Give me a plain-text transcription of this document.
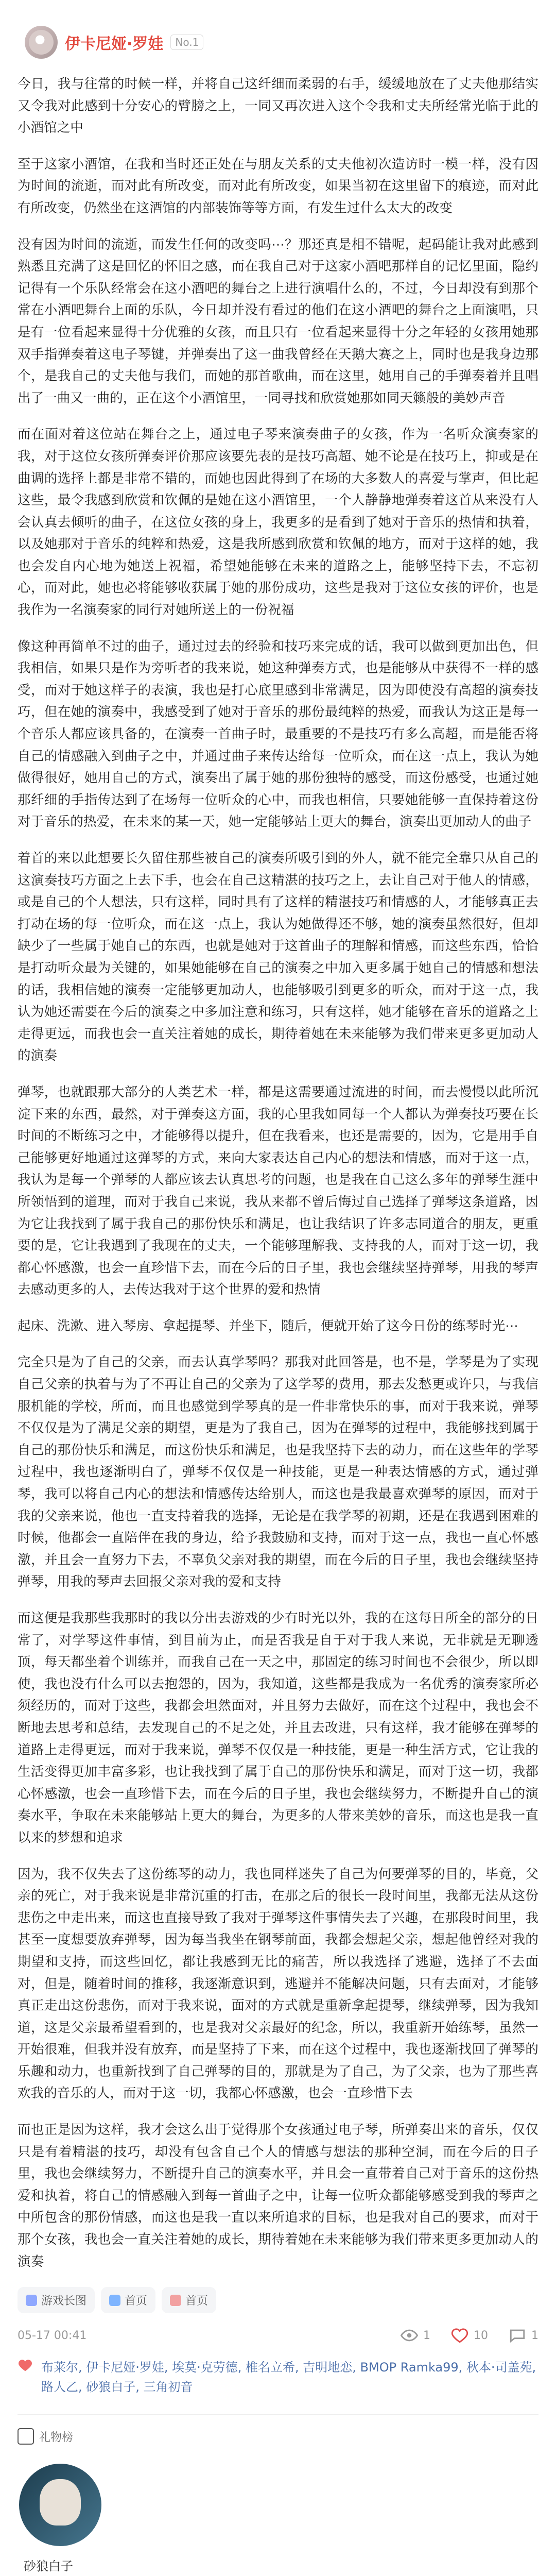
伊卡尼娅·罗娃	No.1

今日，我与往常的时候一样，并将自己这纤细而柔弱的右手，缓缓地放在了丈夫他那结实又令我对此感到十分安心的臂膀之上，一同又再次进入这个令我和丈夫所经常光临于此的小酒馆之中

至于这家小酒馆，在我和当时还正处在与朋友关系的丈夫他初次造访时一模一样，没有因为时间的流逝，而对此有所改变，而对此有所改变，如果当初在这里留下的痕迹，而对此有所改变，仍然坐在这酒馆的内部装饰等等方面，有发生过什么太大的改变

没有因为时间的流逝，而发生任何的改变吗⋯？那还真是相不错呢，起码能让我对此感到熟悉且充满了这是回忆的怀旧之感，而在我自己对于这家小酒吧那样自的记忆里面，隐约记得有一个乐队经常会在这小酒吧的舞台之上进行演唱什么的，不过，今日却没有到那个常在小酒吧舞台上面的乐队，今日却并没有看过的他们在这小酒吧的舞台之上面演唱，只是有一位看起来显得十分优雅的女孩，而且只有一位看起来显得十分之年轻的女孩用她那双手指弹奏着这电子琴键，并弹奏出了这一曲我曾经在天鹅大赛之上，同时也是我身边那个，是我自己的丈夫他与我们，而她的那首歌曲，而在这里，她用自己的手弹奏着并且唱出了一曲又一曲的，正在这个小酒馆里，一同寻找和欣赏她那如同天籁般的美妙声音

而在面对着这位站在舞台之上，通过电子琴来演奏曲子的女孩，作为一名听众演奏家的我，对于这位女孩所弹奏评价那应该要先表的是技巧高超、她不论是在技巧上，抑或是在曲调的选择上都是非常不错的，而她也因此得到了在场的大多数人的喜爱与掌声，但比起这些，最令我感到欣赏和钦佩的是她在这小酒馆里，一个人静静地弹奏着这首从来没有人会认真去倾听的曲子，在这位女孩的身上，我更多的是看到了她对于音乐的热情和执着，以及她那对于音乐的纯粹和热爱，这是我所感到欣赏和钦佩的地方，而对于这样的她，我也会发自内心地为她送上祝福，希望她能够在未来的道路之上，能够坚持下去，不忘初心，而对此，她也必将能够收获属于她的那份成功，这些是我对于这位女孩的评价，也是我作为一名演奏家的同行对她所送上的一份祝福

像这种再简单不过的曲子，通过过去的经验和技巧来完成的话，我可以做到更加出色，但我相信，如果只是作为旁听者的我来说，她这种弹奏方式，也是能够从中获得不一样的感受，而对于她这样子的表演，我也是打心底里感到非常满足，因为即使没有高超的演奏技巧，但在她的演奏中，我感受到了她对于音乐的那份最纯粹的热爱，而我认为这正是每一个音乐人都应该具备的，在演奏一首曲子时，最重要的不是技巧有多么高超，而是能否将自己的情感融入到曲子之中，并通过曲子来传达给每一位听众，而在这一点上，我认为她做得很好，她用自己的方式，演奏出了属于她的那份独特的感受，而这份感受，也通过她那纤细的手指传达到了在场每一位听众的心中，而我也相信，只要她能够一直保持着这份对于音乐的热爱，在未来的某一天，她一定能够站上更大的舞台，演奏出更加动人的曲子

着首的来以此想要长久留住那些被自己的演奏所吸引到的外人，就不能完全靠只从自己的这演奏技巧方面之上去下手，也会在自己这精湛的技巧之上，去让自己对于他人的情感，或是自己的个人想法，只有这样，同时具有了这样的精湛技巧和情感的人，才能够真正去打动在场的每一位听众，而在这一点上，我认为她做得还不够，她的演奏虽然很好，但却缺少了一些属于她自己的东西，也就是她对于这首曲子的理解和情感，而这些东西，恰恰是打动听众最为关键的，如果她能够在自己的演奏之中加入更多属于她自己的情感和想法的话，我相信她的演奏一定能够更加动人，也能够吸引到更多的听众，而对于这一点，我认为她还需要在今后的演奏之中多加注意和练习，只有这样，她才能够在音乐的道路之上走得更远，而我也会一直关注着她的成长，期待着她在未来能够为我们带来更多更加动人的演奏

弹琴，也就跟那大部分的人类艺术一样，都是这需要通过流进的时间，而去慢慢以此所沉淀下来的东西，最然，对于弹奏这方面，我的心里我如同每一个人都认为弹奏技巧要在长时间的不断练习之中，才能够得以提升，但在我看来，也还是需要的，因为，它是用手自己能够更好地通过这弹琴的方式，来向大家表达自己内心的想法和情感，而对于这一点，我认为是每一个弹琴的人都应该去认真思考的问题，也是我在自己这么多年的弹琴生涯中所领悟到的道理，而对于我自己来说，我从来都不曾后悔过自己选择了弹琴这条道路，因为它让我找到了属于我自己的那份快乐和满足，也让我结识了许多志同道合的朋友，更重要的是，它让我遇到了我现在的丈夫，一个能够理解我、支持我的人，而对于这一切，我都心怀感激，也会一直珍惜下去，而在今后的日子里，我也会继续坚持弹琴，用我的琴声去感动更多的人，去传达我对于这个世界的爱和热情

起床、洗漱、进入琴房、拿起提琴、并坐下，随后，便就开始了这今日份的练琴时光⋯

完全只是为了自己的父亲，而去认真学琴吗？那我对此回答是，也不是，学琴是为了实现自己父亲的执着与为了不再让自己的父亲为了这学琴的费用，那去发愁更或许只，与我信服机能的学校，所而，而且也感觉到学琴真的是一件非常快乐的事，而对于我来说，弹琴不仅仅是为了满足父亲的期望，更是为了我自己，因为在弹琴的过程中，我能够找到属于自己的那份快乐和满足，而这份快乐和满足，也是我坚持下去的动力，而在这些年的学琴过程中，我也逐渐明白了，弹琴不仅仅是一种技能，更是一种表达情感的方式，通过弹琴，我可以将自己内心的想法和情感传达给别人，而这也是我最喜欢弹琴的原因，而对于我的父亲来说，他也一直支持着我的选择，无论是在我学琴的初期，还是在我遇到困难的时候，他都会一直陪伴在我的身边，给予我鼓励和支持，而对于这一点，我也一直心怀感激，并且会一直努力下去，不辜负父亲对我的期望，而在今后的日子里，我也会继续坚持弹琴，用我的琴声去回报父亲对我的爱和支持

而这便是我那些我那时的我以分出去游戏的少有时光以外，我的在这每日所全的部分的日常了，对学琴这件事情，到目前为止，而是否我是自于对于我人来说，无非就是无聊透顶，每天都坐着个训练并，而我自己在一天之中，那固定的练习时间也不会很少，所以即使，我也没有什么可以去抱怨的，因为，我知道，这些都是我成为一名优秀的演奏家所必须经历的，而对于这些，我都会坦然面对，并且努力去做好，而在这个过程中，我也会不断地去思考和总结，去发现自己的不足之处，并且去改进，只有这样，我才能够在弹琴的道路上走得更远，而对于我来说，弹琴不仅仅是一种技能，更是一种生活方式，它让我的生活变得更加丰富多彩，也让我找到了属于自己的那份快乐和满足，而对于这一切，我都心怀感激，也会一直珍惜下去，而在今后的日子里，我也会继续努力，不断提升自己的演奏水平，争取在未来能够站上更大的舞台，为更多的人带来美妙的音乐，而这也是我一直以来的梦想和追求

因为，我不仅失去了这份练琴的动力，我也同样迷失了自己为何要弹琴的目的，毕竟，父亲的死亡，对于我来说是非常沉重的打击，在那之后的很长一段时间里，我都无法从这份悲伤之中走出来，而这也直接导致了我对于弹琴这件事情失去了兴趣，在那段时间里，我甚至一度想要放弃弹琴，因为每当我坐在钢琴前面，我都会想起父亲，想起他曾经对我的期望和支持，而这些回忆，都让我感到无比的痛苦，所以我选择了逃避，选择了不去面对，但是，随着时间的推移，我逐渐意识到，逃避并不能解决问题，只有去面对，才能够真正走出这份悲伤，而对于我来说，面对的方式就是重新拿起提琴，继续弹琴，因为我知道，这是父亲最希望看到的，也是我对父亲最好的纪念，所以，我重新开始练琴，虽然一开始很难，但我并没有放弃，而是坚持了下来，而在这个过程中，我也逐渐找回了弹琴的乐趣和动力，也重新找到了自己弹琴的目的，那就是为了自己，为了父亲，也为了那些喜欢我的音乐的人，而对于这一切，我都心怀感激，也会一直珍惜下去

而也正是因为这样，我才会这么出于觉得那个女孩通过电子琴，所弹奏出来的音乐，仅仅只是有着精湛的技巧，却没有包含自己个人的情感与想法的那种空洞，而在今后的日子里，我也会继续努力，不断提升自己的演奏水平，并且会一直带着自己对于音乐的这份热爱和执着，将自己的情感融入到每一首曲子之中，让每一位听众都能够感受到我的琴声之中所包含的那份情感，而这也是我一直以来所追求的目标，也是我对自己的要求，而对于那个女孩，我也会一直关注着她的成长，期待着她在未来能够为我们带来更多更加动人的演奏

游戏长图	首页	首页
05-17 00:41	1	10	1
布莱尔, 伊卡尼娅·罗娃, 埃莫·克劳德, 椎名立希, 吉明地恋, BMOP Ramka99, 秋本·司盖苑, 路人乙, 砂狼白子, 三角初音
礼物榜
砂狼白子
